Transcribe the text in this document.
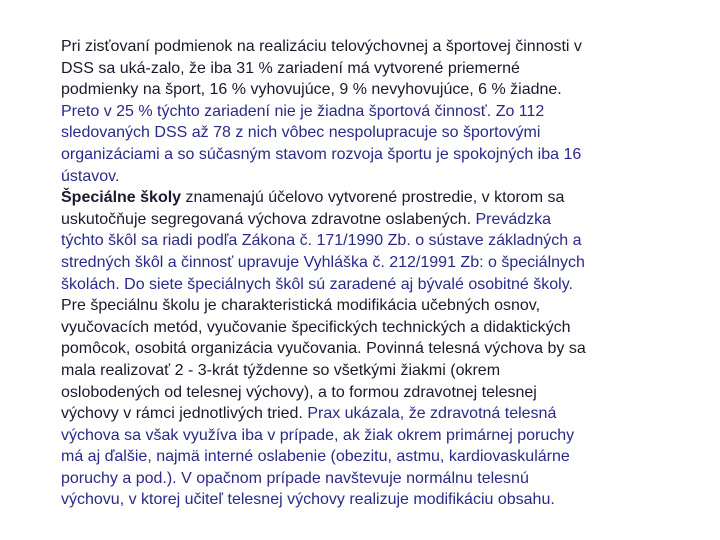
Pri zisťovaní podmienok na realizáciu telovýchovnej a športovej činnosti v
DSS sa uká-zalo, že iba 31 % zariadení má vytvorené priemerné
podmienky na šport, 16 % vyhovujúce, 9 % nevyhovujúce, 6 % žiadne.
Preto v 25 % týchto zariadení nie je žiadna športová činnosť. Zo 112
sledovaných DSS až 78 z nich vôbec nespolupracuje so športovými
organizáciami a so súčasným stavom rozvoja športu je spokojných iba 16
ústavov.
Špeciálne školy znamenajú účelovo vytvorené prostredie, v ktorom sa
uskutočňuje segregovaná výchova zdravotne oslabených. Prevádzka
týchto škôl sa riadi podľa Zákona č. 171/1990 Zb. o sústave základných a
stredných škôl a činnosť upravuje Vyhláška č. 212/1991 Zb: o špeciálnych
školách. Do siete špeciálnych škôl sú zaradené aj bývalé osobitné školy.
Pre špeciálnu školu je charakteristická modifikácia učebných osnov,
vyučovacích metód, vyučovanie špecifických technických a didaktických
pomôcok, osobitá organizácia vyučovania. Povinná telesná výchova by sa
mala realizovať 2 - 3-krát týždenne so všetkými žiakmi (okrem
oslobodených od telesnej výchovy), a to formou zdravotnej telesnej
výchovy v rámci jednotlivých tried. Prax ukázala, že zdravotná telesná
výchova sa však využíva iba v prípade, ak žiak okrem primárnej poruchy
má aj ďalšie, najmä interné oslabenie (obezitu, astmu, kardiovaskulárne
poruchy a pod.). V opačnom prípade navštevuje normálnu telesnú
výchovu, v ktorej učiteľ telesnej výchovy realizuje modifikáciu obsahu.
